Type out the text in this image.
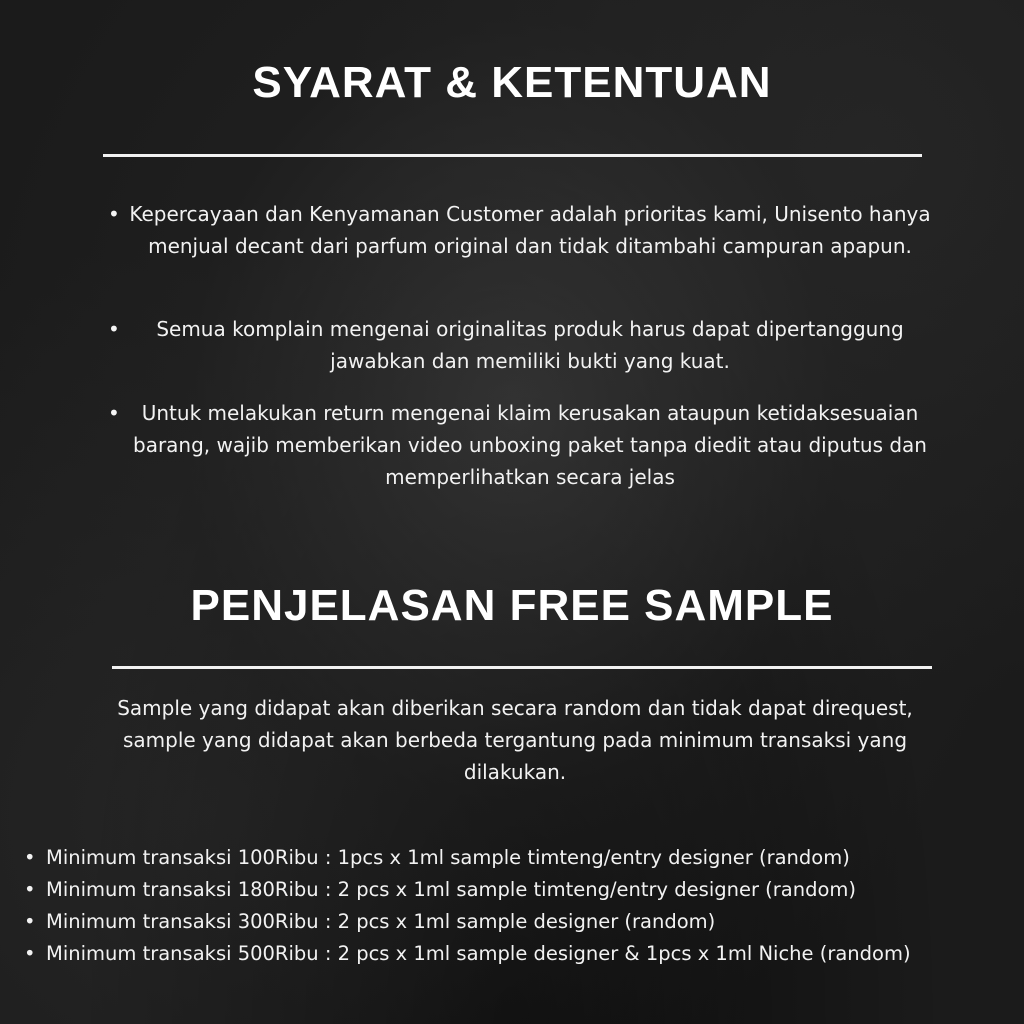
SYARAT & KETENTUAN
• Kepercayaan dan Kenyamanan Customer adalah prioritas kami, Unisento hanya menjual decant dari parfum original dan tidak ditambahi campuran apapun.
•	Semua komplain mengenai originalitas produk harus dapat dipertanggung jawabkan dan memiliki bukti yang kuat.
•	Untuk melakukan return mengenai klaim kerusakan ataupun ketidaksesuaian barang, wajib memberikan video unboxing paket tanpa diedit atau diputus dan memperlihatkan secara jelas
PENJELASAN FREE SAMPLE

Sample yang didapat akan diberikan secara random dan tidak dapat direquest, sample yang didapat akan berbeda tergantung pada minimum transaksi yang dilakukan.

• Minimum transaksi 100Ribu : 1pcs x 1ml sample timteng/entry designer (random)
• Minimum transaksi 180Ribu : 2 pcs x 1ml sample timteng/entry designer (random)
• Minimum transaksi 300Ribu : 2 pcs x 1ml sample designer (random)
• Minimum transaksi 500Ribu : 2 pcs x 1ml sample designer & 1pcs x 1ml Niche (random)
